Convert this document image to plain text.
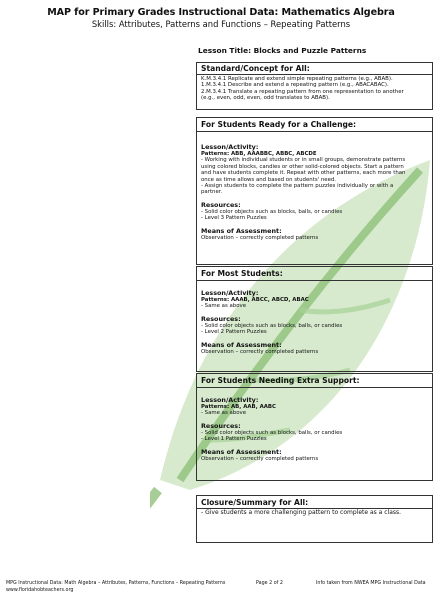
MAP for Primary Grades Instructional Data: Mathematics Algebra
Skills: Attributes, Patterns and Functions – Repeating Patterns
Lesson Title: Blocks and Puzzle Patterns
Standard/Concept for All:
K.M.3.4.1 Replicate and extend simple repeating patterns (e.g., ABAB).
1.M.3.4.1 Describe and extend a repeating pattern (e.g., ABACABAC).
2.M.3.4.1 Translate a repeating pattern from one representation to another
(e.g., even, odd, even, odd translates to ABAB).
For Students Ready for a Challenge:
Lesson/Activity:
Patterns: ABB, AAABBC, ABBC, ABCDE
- Working with individual students or in small groups, demonstrate patterns
using colored blocks, candies or other solid-colored objects. Start a pattern
and have students complete it. Repeat with other patterns, each more than
once as time allows and based on students' need.
- Assign students to complete the pattern puzzles individually or with a
partner.
Resources:
- Solid color objects such as blocks, balls, or candies
- Level 3 Pattern Puzzles
Means of Assessment:
Observation – correctly completed patterns
For Most Students:
Lesson/Activity:
Patterns: AAAB, ABCC, ABCD, ABAC
- Same as above
Resources:
- Solid color objects such as blocks, balls, or candies
- Level 2 Pattern Puzzles
Means of Assessment:
Observation – correctly completed patterns
For Students Needing Extra Support:
Lesson/Activity:
Patterns: AB, AAB, AABC
- Same as above
Resources:
- Solid color objects such as blocks, balls, or candies
- Level 1 Pattern Puzzles
Means of Assessment:
Observation – correctly completed patterns
Closure/Summary for All:
- Give students a more challenging pattern to complete as a class.
MPG Instructional Data: Math Algebra – Attributes, Patterns, Functions – Repeating Patterns	Page 2 of 2	Info taken from NWEA MPG Instructional Data
www.floridahobteachers.org
